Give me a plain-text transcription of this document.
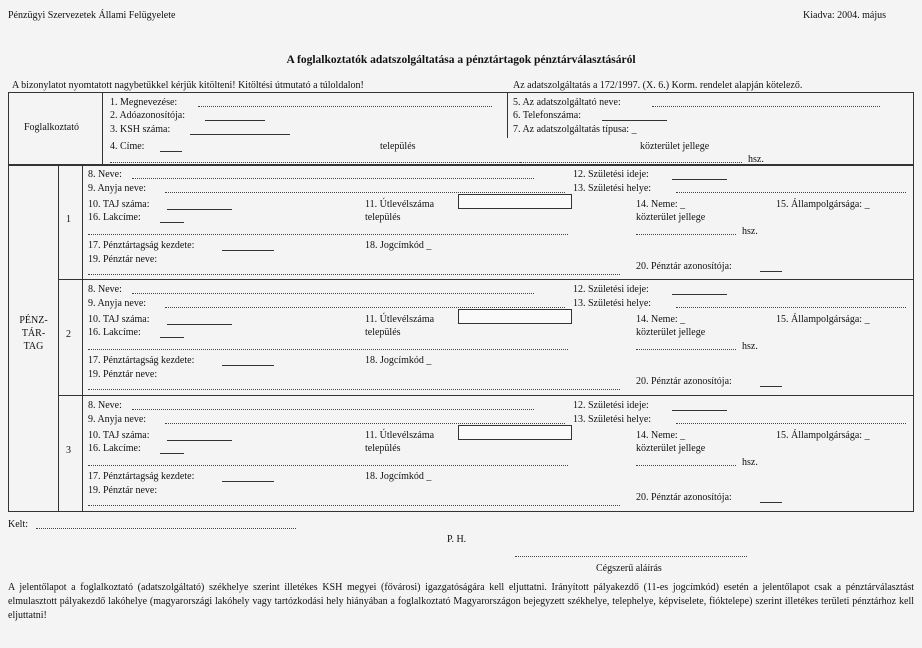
Pénzügyi Szervezetek Állami Felügyelete	Kiadva: 2004. május
A foglalkoztatók adatszolgáltatása a pénztártagok pénztárválasztásáról
A bizonylatot nyomtatott nagybetűkkel kérjük kitölteni! Kitöltési útmutató a túloldalon!	Az adatszolgáltatás a 172/1997. (X. 6.) Korm. rendelet alapján kötelező.
Foglalkoztató
1. Megnevezése:
2. Adóazonosítója:
3. KSH száma:
4. Címe:	település	közterület jellege
hsz.
5. Az adatszolgáltató neve:
6. Telefonszáma:
7. Az adatszolgáltatás típusa: _
PÉNZ-
TÁR-
TAG
1
8. Neve:
9. Anyja neve:
10. TAJ száma:	11. Útlevélszáma
16. Lakcíme:	település
17. Pénztártagság kezdete:	18. Jogcímkód _
19. Pénztár neve:
12. Születési ideje:
13. Születési helye:
14. Neme: _	15. Állampolgársága: _
közterület jellege
hsz.
20. Pénztár azonosítója:
2
8. Neve:
9. Anyja neve:
10. TAJ száma:	11. Útlevélszáma
16. Lakcíme:	település
17. Pénztártagság kezdete:	18. Jogcímkód _
19. Pénztár neve:
12. Születési ideje:
13. Születési helye:
14. Neme: _	15. Állampolgársága: _
közterület jellege
hsz.
20. Pénztár azonosítója:
3
8. Neve:
9. Anyja neve:
10. TAJ száma:	11. Útlevélszáma
16. Lakcíme:	település
17. Pénztártagság kezdete:	18. Jogcímkód _
19. Pénztár neve:
12. Születési ideje:
13. Születési helye:
14. Neme: _	15. Állampolgársága: _
közterület jellege
hsz.
20. Pénztár azonosítója:
Kelt:
P. H.
Cégszerű aláírás
A jelentőlapot a foglalkoztató (adatszolgáltató) székhelye szerint illetékes KSH megyei (fővárosi) igazgatóságára kell eljuttatni. Irányított pályakezdő (11-es jogcímkód) esetén a jelentőlapot csak a pénztárválasztást elmulasztott pályakezdő lakóhelye (magyarországi lakóhely vagy tartózkodási hely hiányában a foglalkoztató Magyarországon bejegyzett székhelye, telephelye, képviselete, fióktelepe) szerint illetékes területi pénztárhoz kell eljuttatni!
